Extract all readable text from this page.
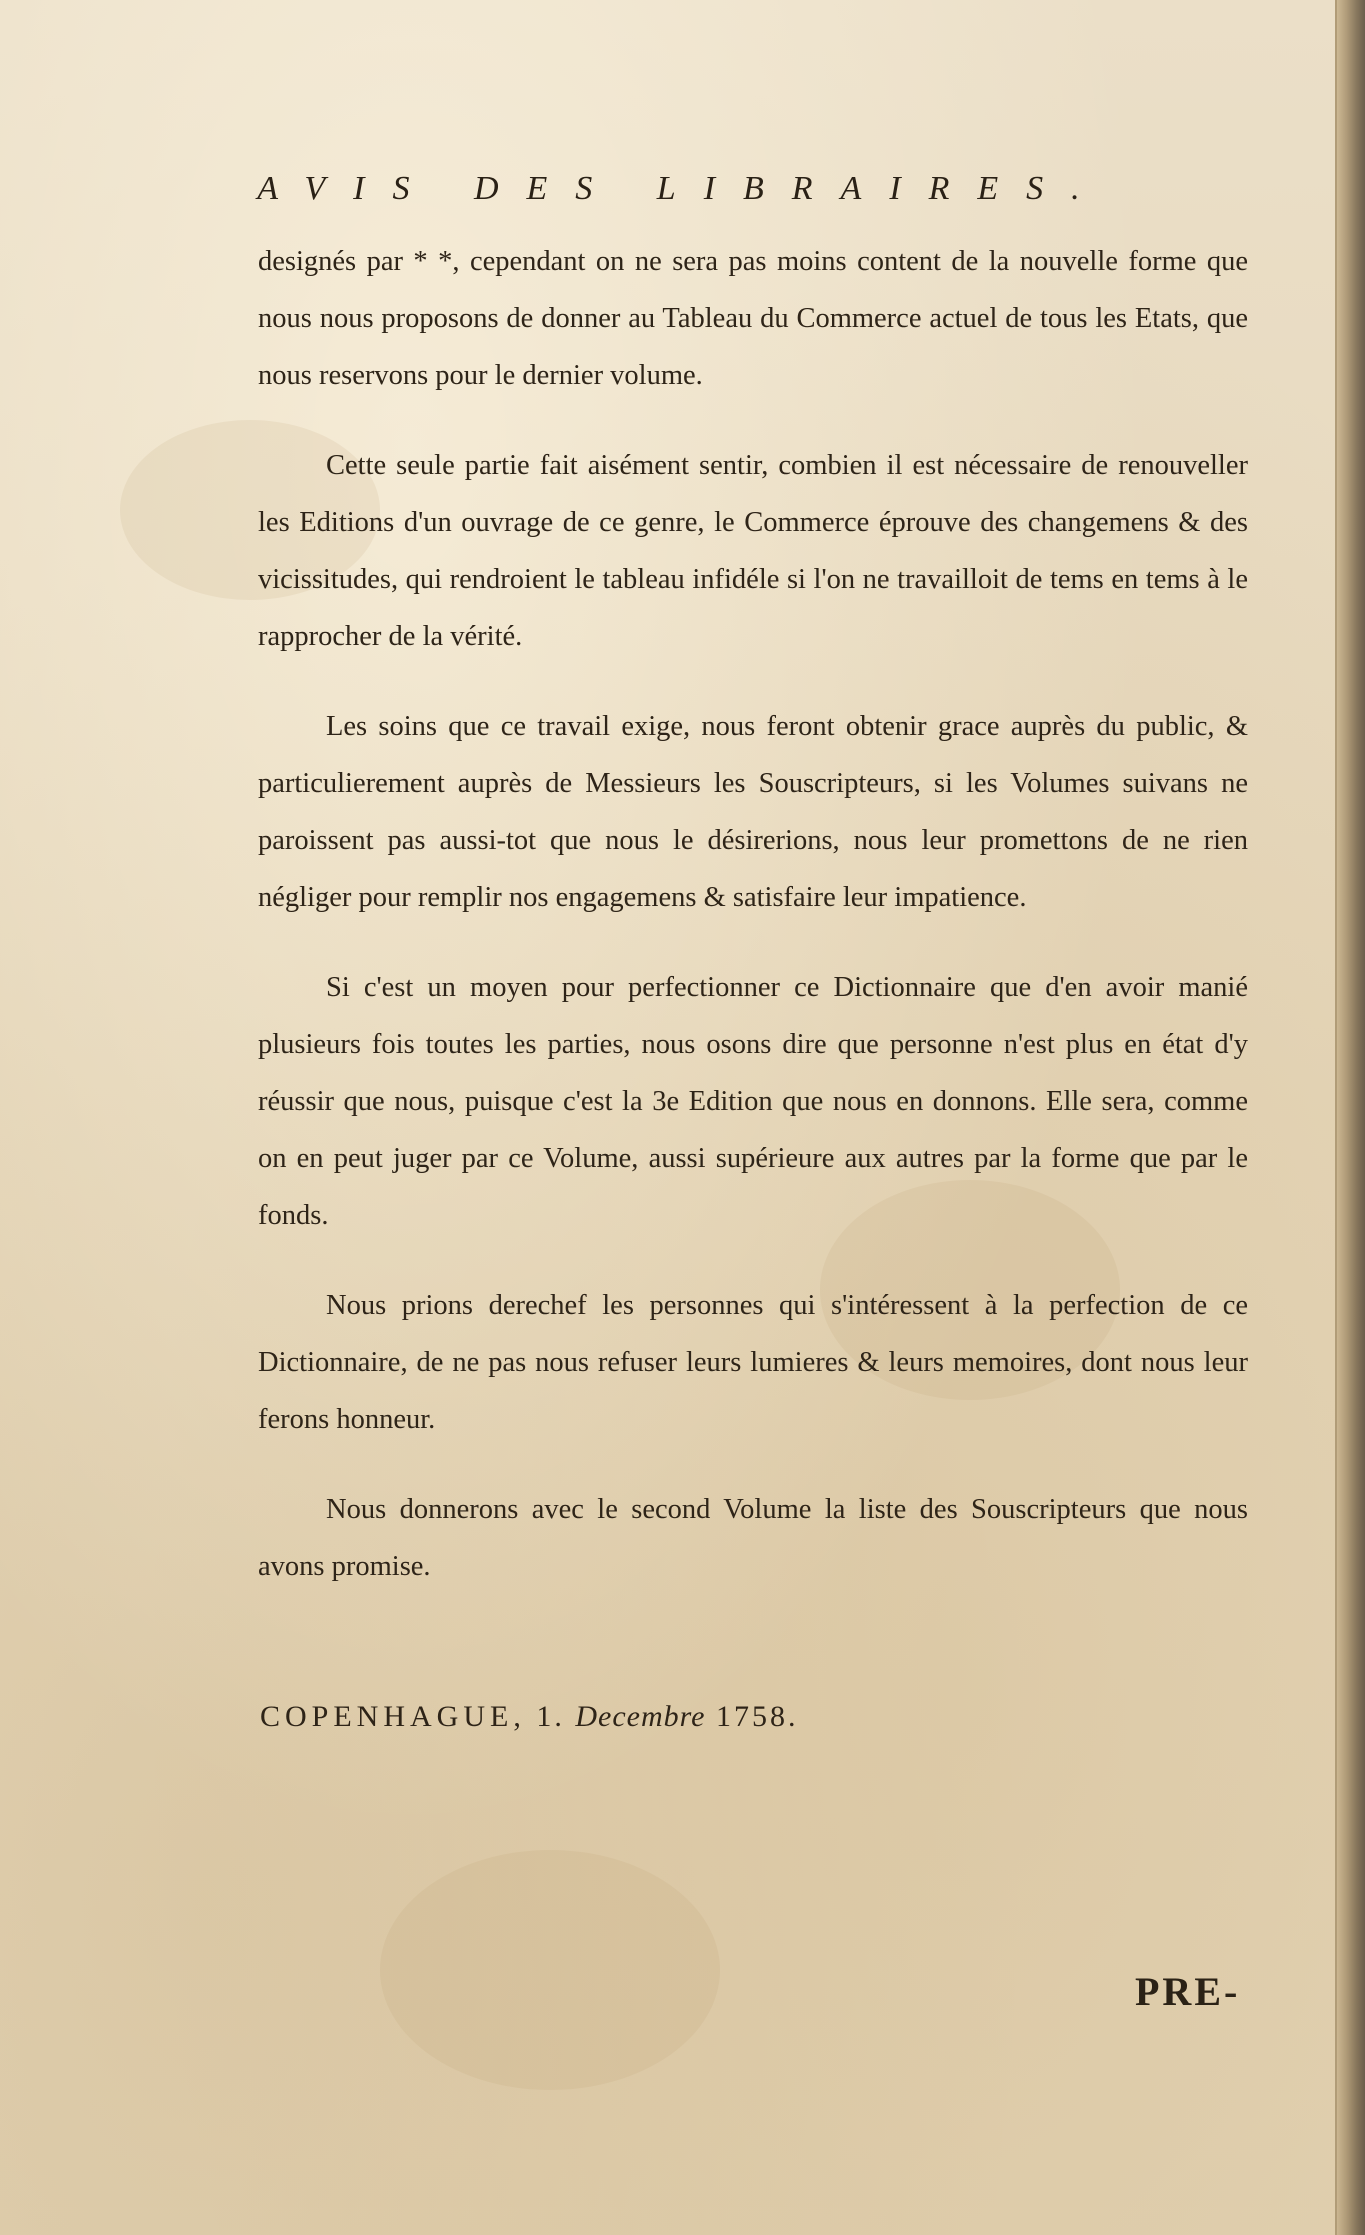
AVIS DES LIBRAIRES.

designés par * *, cependant on ne sera pas moins content de la nouvelle forme que nous nous proposons de donner au Tableau du Commerce actuel de tous les Etats, que nous reservons pour le dernier volume.

Cette seule partie fait aisément sentir, combien il est nécessaire de renouveller les Editions d'un ouvrage de ce genre, le Commerce éprouve des changemens & des vicissitudes, qui rendroient le tableau infidéle si l'on ne travailloit de tems en tems à le rapprocher de la vérité.

Les soins que ce travail exige, nous feront obtenir grace auprès du public, & particulierement auprès de Messieurs les Souscripteurs, si les Volumes suivans ne paroissent pas aussi-tot que nous le désirerions, nous leur promettons de ne rien négliger pour remplir nos engagemens & satisfaire leur impatience.

Si c'est un moyen pour perfectionner ce Dictionnaire que d'en avoir manié plusieurs fois toutes les parties, nous osons dire que personne n'est plus en état d'y réussir que nous, puisque c'est la 3e Edition que nous en donnons. Elle sera, comme on en peut juger par ce Volume, aussi supérieure aux autres par la forme que par le fonds.

Nous prions derechef les personnes qui s'intéressent à la perfection de ce Dictionnaire, de ne pas nous refuser leurs lumieres & leurs memoires, dont nous leur ferons honneur.

Nous donnerons avec le second Volume la liste des Souscripteurs que nous avons promise.

COPENHAGUE, 1. Decembre 1758.
PRE-
